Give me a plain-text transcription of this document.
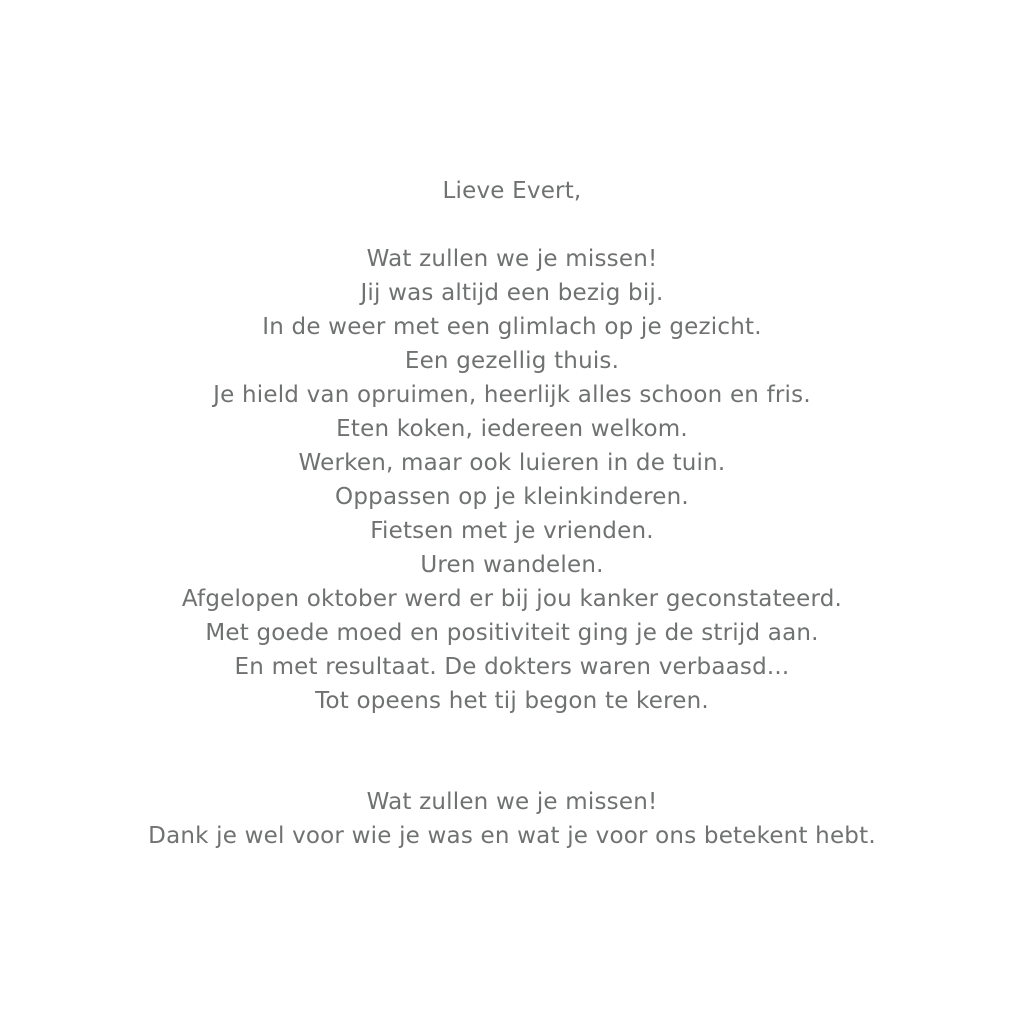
Lieve Evert,
Wat zullen we je missen!
Jij was altijd een bezig bij.
In de weer met een glimlach op je gezicht.
Een gezellig thuis.
Je hield van opruimen, heerlijk alles schoon en fris.
Eten koken, iedereen welkom.
Werken, maar ook luieren in de tuin.
Oppassen op je kleinkinderen.
Fietsen met je vrienden.
Uren wandelen.
Afgelopen oktober werd er bij jou kanker geconstateerd.
Met goede moed en positiviteit ging je de strijd aan.
En met resultaat. De dokters waren verbaasd...
Tot opeens het tij begon te keren.
Wat zullen we je missen!
Dank je wel voor wie je was en wat je voor ons betekent hebt.
